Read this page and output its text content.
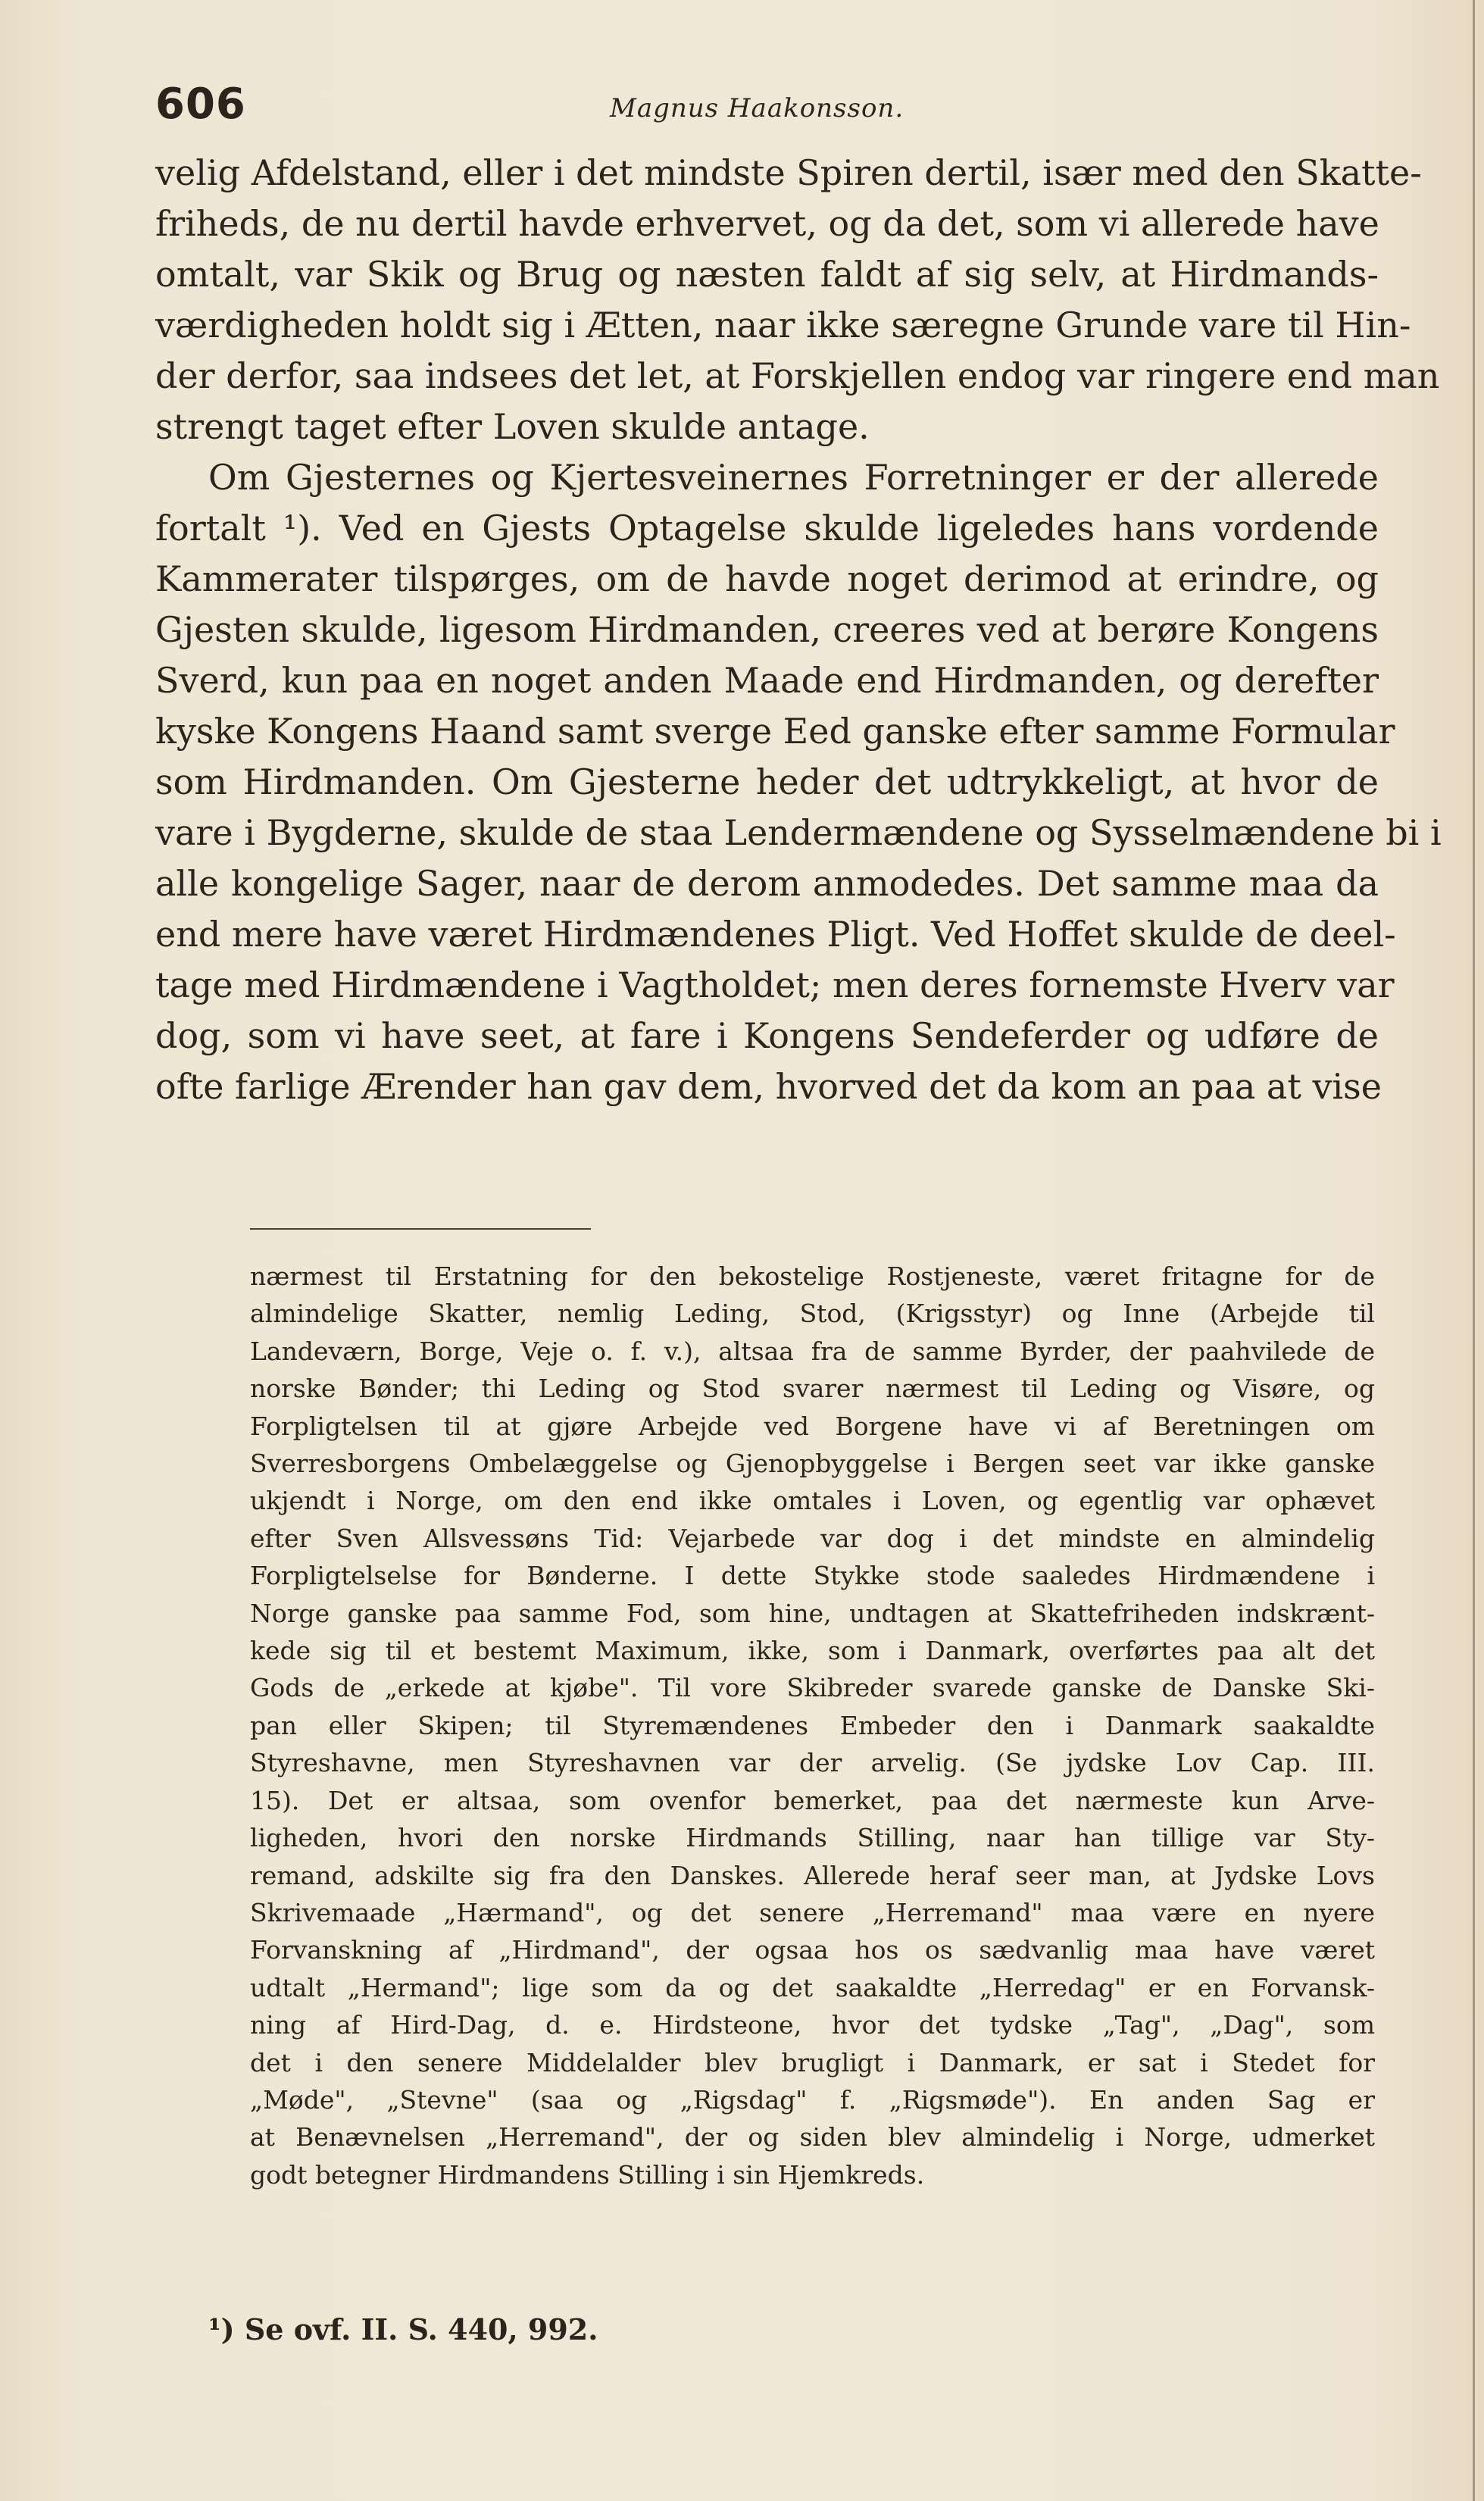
606	Magnus Haakonsson.
velig Afdelstand, eller i det mindste Spiren dertil, især med den Skatte-
friheds, de nu dertil havde erhvervet, og da det, som vi allerede have
omtalt, var Skik og Brug og næsten faldt af sig selv, at Hirdmands-
værdigheden holdt sig i Ætten, naar ikke særegne Grunde vare til Hin-
der derfor, saa indsees det let, at Forskjellen endog var ringere end man
strengt taget efter Loven skulde antage.
Om Gjesternes og Kjertesveinernes Forretninger er der allerede
fortalt ¹). Ved en Gjests Optagelse skulde ligeledes hans vordende
Kammerater tilspørges, om de havde noget derimod at erindre, og
Gjesten skulde, ligesom Hirdmanden, creeres ved at berøre Kongens
Sverd, kun paa en noget anden Maade end Hirdmanden, og derefter
kyske Kongens Haand samt sverge Eed ganske efter samme Formular
som Hirdmanden. Om Gjesterne heder det udtrykkeligt, at hvor de
vare i Bygderne, skulde de staa Lendermændene og Sysselmændene bi i
alle kongelige Sager, naar de derom anmodedes. Det samme maa da
end mere have været Hirdmændenes Pligt. Ved Hoffet skulde de deel-
tage med Hirdmændene i Vagtholdet; men deres fornemste Hverv var
dog, som vi have seet, at fare i Kongens Sendeferder og udføre de
ofte farlige Ærender han gav dem, hvorved det da kom an paa at vise
nærmest til Erstatning for den bekostelige Rostjeneste, været fritagne for de
almindelige Skatter, nemlig Leding, Stod, (Krigsstyr) og Inne (Arbejde til
Landeværn, Borge, Veje o. f. v.), altsaa fra de samme Byrder, der paahvilede de
norske Bønder; thi Leding og Stod svarer nærmest til Leding og Visøre, og
Forpligtelsen til at gjøre Arbejde ved Borgene have vi af Beretningen om
Sverresborgens Ombelæggelse og Gjenopbyggelse i Bergen seet var ikke ganske
ukjendt i Norge, om den end ikke omtales i Loven, og egentlig var ophævet
efter Sven Allsvessøns Tid: Vejarbede var dog i det mindste en almindelig
Forpligtelselse for Bønderne. I dette Stykke stode saaledes Hirdmændene i
Norge ganske paa samme Fod, som hine, undtagen at Skattefriheden indskrænt-
kede sig til et bestemt Maximum, ikke, som i Danmark, overførtes paa alt det
Gods de „erkede at kjøbe". Til vore Skibreder svarede ganske de Danske Ski-
pan eller Skipen; til Styremændenes Embeder den i Danmark saakaldte
Styreshavne, men Styreshavnen var der arvelig. (Se jydske Lov Cap. III.
15). Det er altsaa, som ovenfor bemerket, paa det nærmeste kun Arve-
ligheden, hvori den norske Hirdmands Stilling, naar han tillige var Sty-
remand, adskilte sig fra den Danskes. Allerede heraf seer man, at Jydske Lovs
Skrivemaade „Hærmand", og det senere „Herremand" maa være en nyere
Forvanskning af „Hirdmand", der ogsaa hos os sædvanlig maa have været
udtalt „Hermand"; lige som da og det saakaldte „Herredag" er en Forvansk-
ning af Hird-Dag, d. e. Hirdsteone, hvor det tydske „Tag", „Dag", som
det i den senere Middelalder blev brugligt i Danmark, er sat i Stedet for
„Møde", „Stevne" (saa og „Rigsdag" f. „Rigsmøde"). En anden Sag er
at Benævnelsen „Herremand", der og siden blev almindelig i Norge, udmerket
godt betegner Hirdmandens Stilling i sin Hjemkreds.
¹) Se ovf. II. S. 440, 992.
